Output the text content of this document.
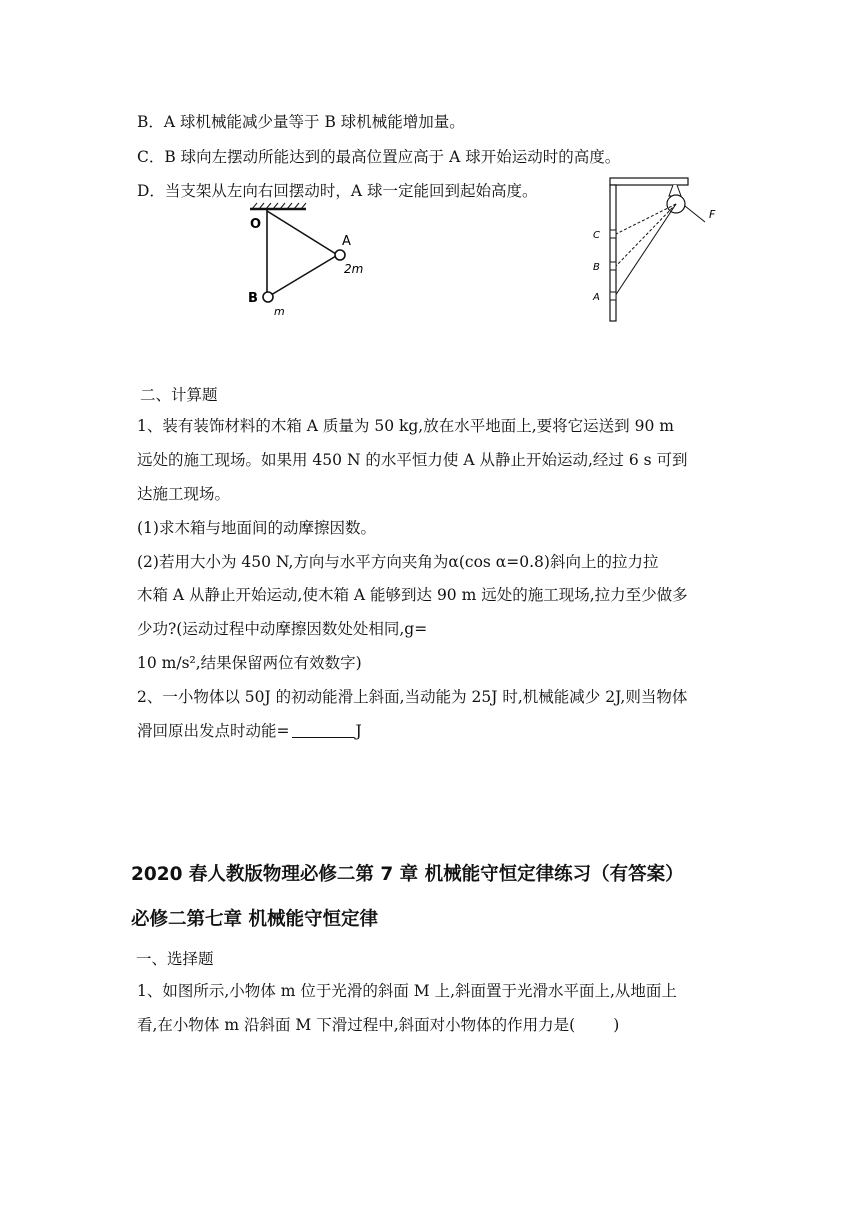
B．A 球机械能减少量等于 B 球机械能增加量。
C．B 球向左摆动所能达到的最高位置应高于 A 球开始运动时的高度。
D．当支架从左向右回摆动时，A 球一定能回到起始高度。
O
A
2m
B
m
C
B
A
F
二、计算题
1、装有装饰材料的木箱 A 质量为 50 kg,放在水平地面上,要将它运送到 90 m
远处的施工现场。如果用 450 N 的水平恒力使 A 从静止开始运动,经过 6 s 可到
达施工现场。
(1)求木箱与地面间的动摩擦因数。
(2)若用大小为 450 N,方向与水平方向夹角为α(cos α=0.8)斜向上的拉力拉
木箱 A 从静止开始运动,使木箱 A 能够到达 90 m 远处的施工现场,拉力至少做多
少功?(运动过程中动摩擦因数处处相同,g=
10 m/s²,结果保留两位有效数字)
2、一小物体以 50J 的初动能滑上斜面,当动能为 25J 时,机械能减少 2J,则当物体
滑回原出发点时动能=	J
2020 春人教版物理必修二第 7 章 机械能守恒定律练习（有答案）
必修二第七章 机械能守恒定律
一、选择题
1、如图所示,小物体 m 位于光滑的斜面 M 上,斜面置于光滑水平面上,从地面上
看,在小物体 m 沿斜面 M 下滑过程中,斜面对小物体的作用力是( )
